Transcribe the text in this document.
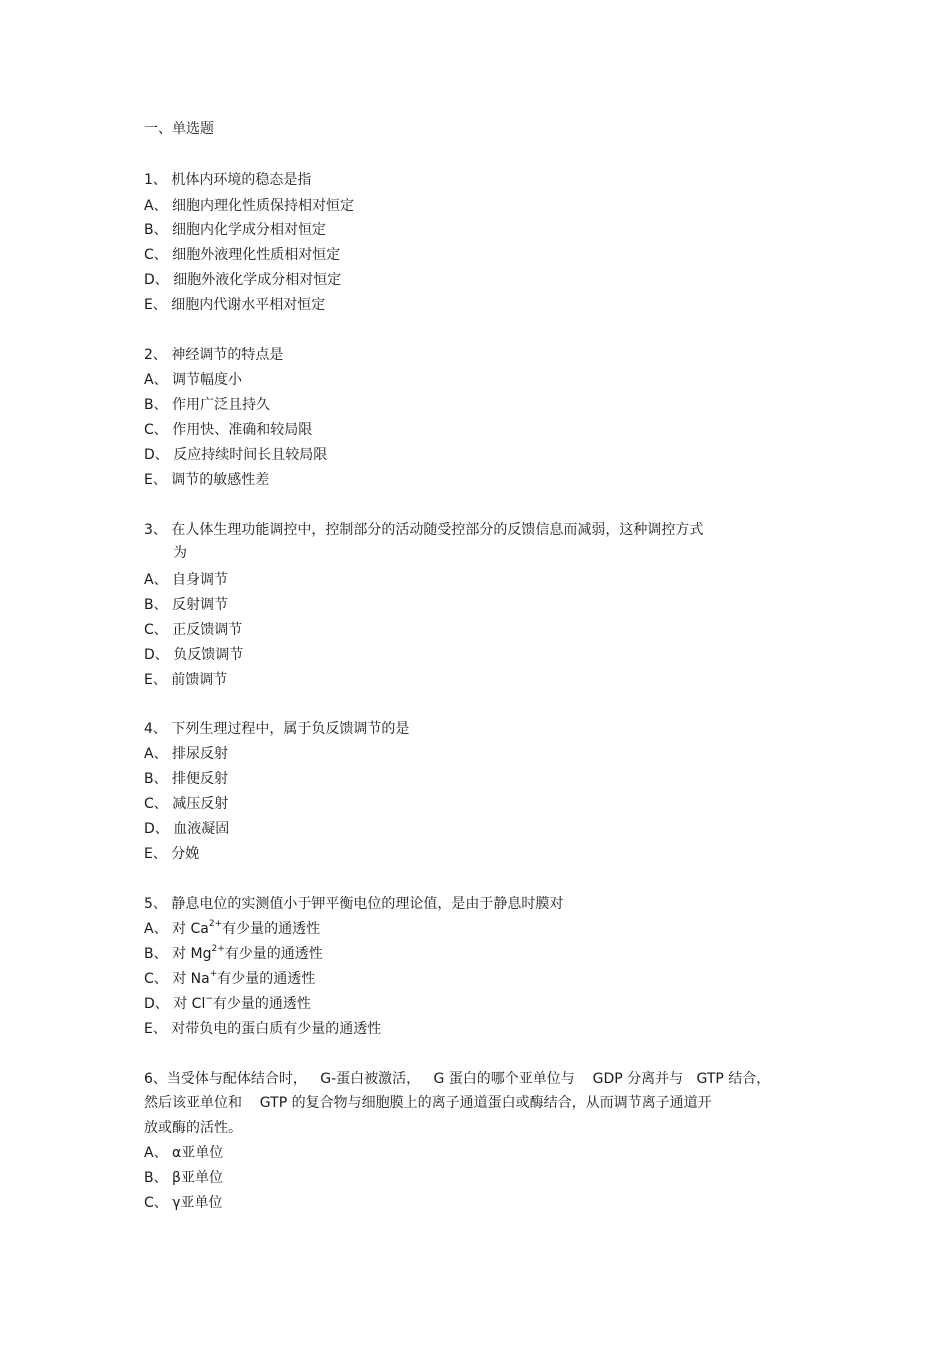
一、单选题
1、 机体内环境的稳态是指
A、 细胞内理化性质保持相对恒定
B、 细胞内化学成分相对恒定
C、 细胞外液理化性质相对恒定
D、 细胞外液化学成分相对恒定
E、 细胞内代谢水平相对恒定
2、 神经调节的特点是
A、 调节幅度小
B、 作用广泛且持久
C、 作用快、准确和较局限
D、 反应持续时间长且较局限
E、 调节的敏感性差
3、 在人体生理功能调控中，控制部分的活动随受控部分的反馈信息而减弱，这种调控方式
为
A、 自身调节
B、 反射调节
C、 正反馈调节
D、 负反馈调节
E、 前馈调节
4、 下列生理过程中，属于负反馈调节的是
A、 排尿反射
B、 排便反射
C、 减压反射
D、 血液凝固
E、 分娩
5、 静息电位的实测值小于钾平衡电位的理论值，是由于静息时膜对
A、 对 $Ca^{2+}$有少量的通透性
B、 对 $Mg^{2+}$有少量的通透性
C、 对 Na+有少量的通透性
D、 对 Cl−有少量的通透性
E、 对带负电的蛋白质有少量的通透性
6、当受体与配体结合时，   G-蛋白被激活，   G 蛋白的哪个亚单位与    GDP 分离并与   GTP 结合，
然后该亚单位和    GTP 的复合物与细胞膜上的离子通道蛋白或酶结合，从而调节离子通道开
放或酶的活性。
A、 α亚单位
B、 β亚单位
C、 γ亚单位
